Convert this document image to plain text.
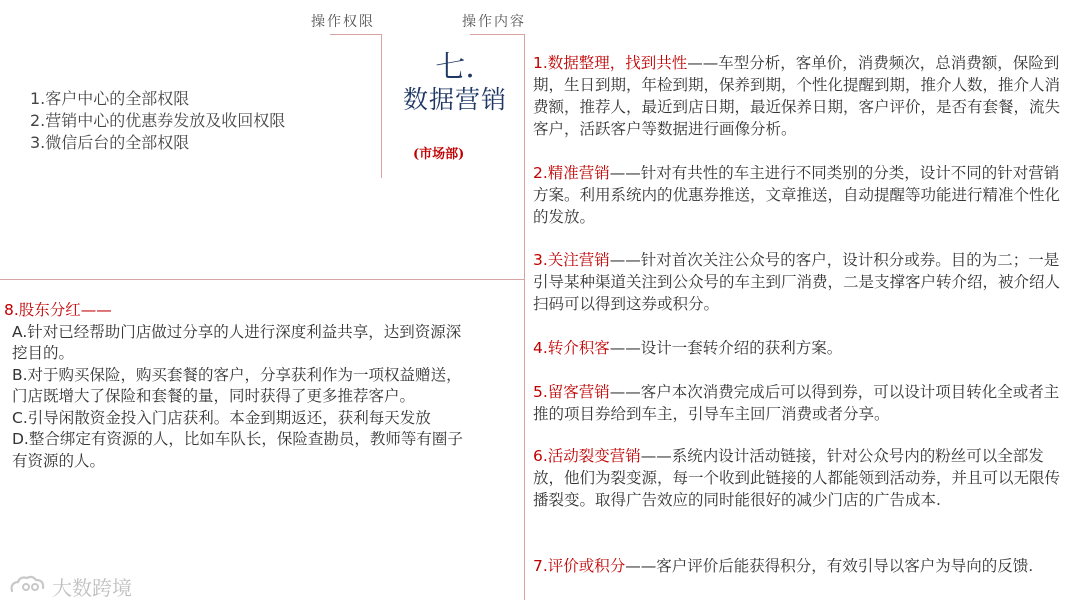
操作权限	操作内容
1.客户中心的全部权限
2.营销中心的优惠券发放及收回权限
3.微信后台的全部权限
七.
数据营销
(市场部)
8.股东分红——
A.针对已经帮助门店做过分享的人进行深度利益共享，达到资源深挖目的。
B.对于购买保险，购买套餐的客户，分享获利作为一项权益赠送，门店既增大了保险和套餐的量，同时获得了更多推荐客户。
C.引导闲散资金投入门店获利。本金到期返还，获利每天发放
D.整合绑定有资源的人，比如车队长，保险查勘员，教师等有圈子有资源的人。
1.数据整理，找到共性——车型分析，客单价，消费频次，总消费额，保险到期，生日到期，年检到期，保养到期，个性化提醒到期，推介人数，推介人消费额，推荐人，最近到店日期，最近保养日期，客户评价，是否有套餐，流失客户，活跃客户等数据进行画像分析。
2.精准营销——针对有共性的车主进行不同类别的分类，设计不同的针对营销方案。利用系统内的优惠券推送，文章推送，自动提醒等功能进行精准个性化的发放。
3.关注营销——针对首次关注公众号的客户，设计积分或券。目的为二；一是引导某种渠道关注到公众号的车主到厂消费，二是支撑客户转介绍，被介绍人扫码可以得到这券或积分。
4.转介积客——设计一套转介绍的获利方案。
5.留客营销——客户本次消费完成后可以得到券，可以设计项目转化全或者主推的项目券给到车主，引导车主回厂消费或者分享。
6.活动裂变营销——系统内设计活动链接，针对公众号内的粉丝可以全部发放，他们为裂变源，每一个收到此链接的人都能领到活动券，并且可以无限传播裂变。取得广告效应的同时能很好的减少门店的广告成本.
7.评价或积分——客户评价后能获得积分，有效引导以客户为导向的反馈.
大数跨境
